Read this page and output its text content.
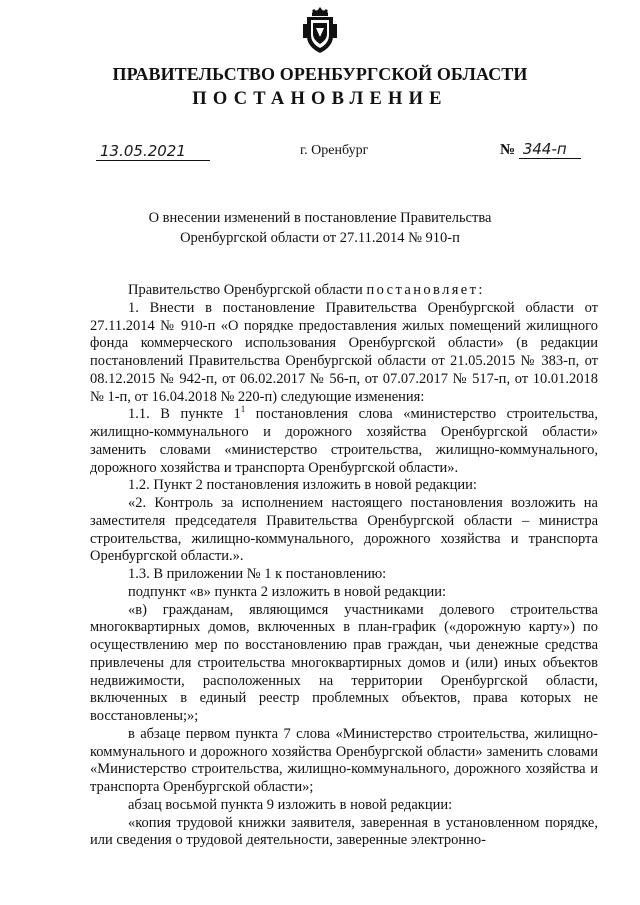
ПРАВИТЕЛЬСТВО ОРЕНБУРГСКОЙ ОБЛАСТИ
ПОСТАНОВЛЕНИЕ
13.05.2021	г. Оренбург	№ 344-п
О внесении изменений в постановление Правительства
Оренбургской области от 27.11.2014 № 910-п

Правительство Оренбургской области постановляет:

1. Внести в постановление Правительства Оренбургской области от 27.11.2014 № 910-п «О порядке предоставления жилых помещений жилищного фонда коммерческого использования Оренбургской области» (в редакции постановлений Правительства Оренбургской области от 21.05.2015 № 383-п, от 08.12.2015 № 942-п, от 06.02.2017 № 56-п, от 07.07.2017 № 517-п, от 10.01.2018 № 1-п, от 16.04.2018 № 220-п) следующие изменения:

1.1. В пункте $1^1$ постановления слова «министерство строительства, жилищно-коммунального и дорожного хозяйства Оренбургской области» заменить словами «министерство строительства, жилищно-коммунального, дорожного хозяйства и транспорта Оренбургской области».

1.2. Пункт 2 постановления изложить в новой редакции:

«2. Контроль за исполнением настоящего постановления возложить на заместителя председателя Правительства Оренбургской области – министра строительства, жилищно-коммунального, дорожного хозяйства и транспорта Оренбургской области.».

1.3. В приложении № 1 к постановлению:

подпункт «в» пункта 2 изложить в новой редакции:

«в) гражданам, являющимся участниками долевого строительства многоквартирных домов, включенных в план-график («дорожную карту») по осуществлению мер по восстановлению прав граждан, чьи денежные средства привлечены для строительства многоквартирных домов и (или) иных объектов недвижимости, расположенных на территории Оренбургской области, включенных в единый реестр проблемных объектов, права которых не восстановлены;»;

в абзаце первом пункта 7 слова «Министерство строительства, жилищно-коммунального и дорожного хозяйства Оренбургской области» заменить словами «Министерство строительства, жилищно-коммунального, дорожного хозяйства и транспорта Оренбургской области»;

абзац восьмой пункта 9 изложить в новой редакции:

«копия трудовой книжки заявителя, заверенная в установленном порядке, или сведения о трудовой деятельности, заверенные электронно-
